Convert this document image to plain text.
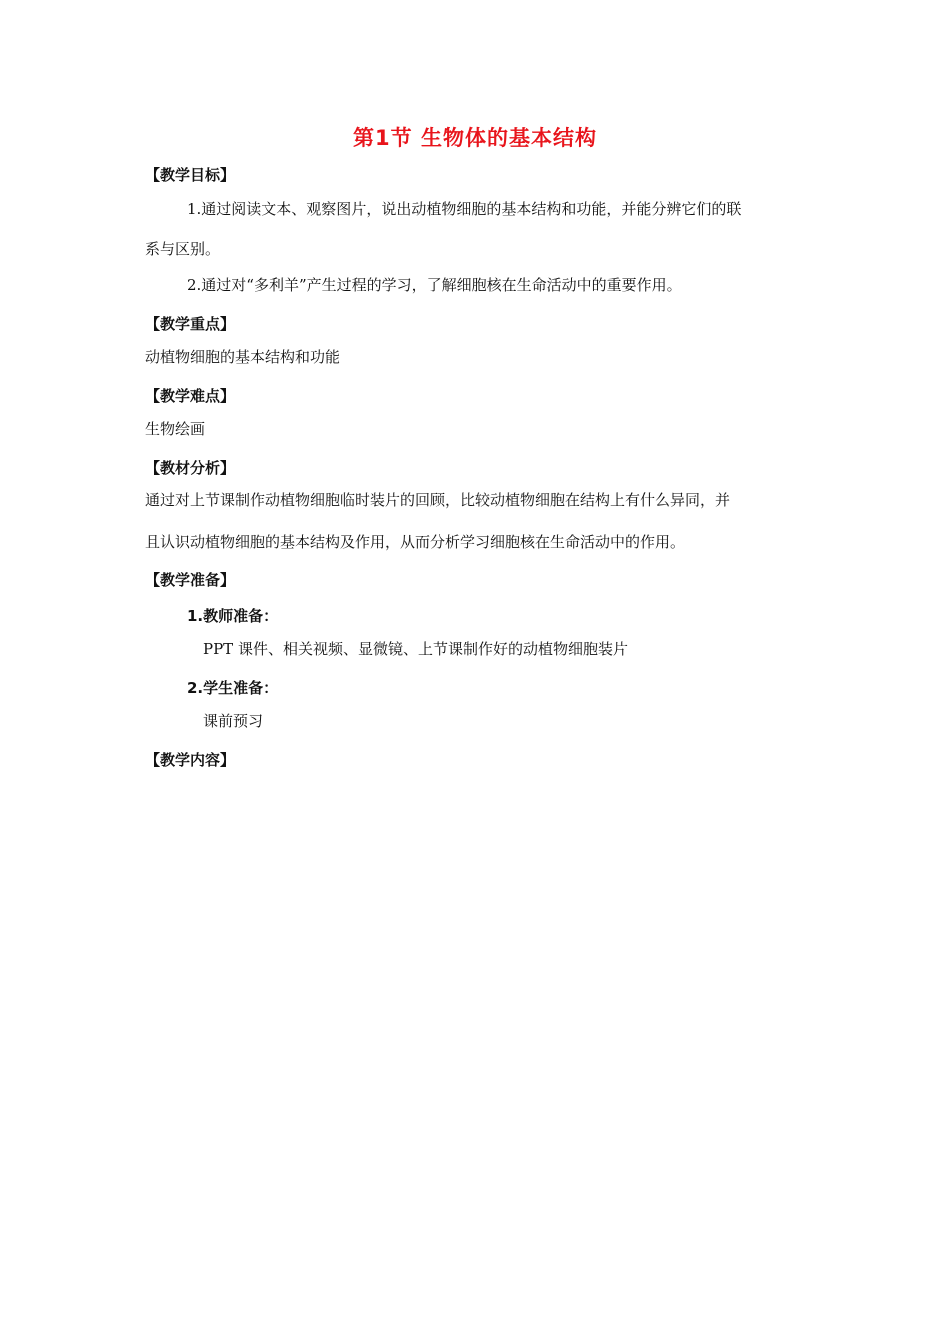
第1节 生物体的基本结构
【教学目标】
1.通过阅读文本、观察图片，说出动植物细胞的基本结构和功能，并能分辨它们的联
系与区别。
2.通过对“多利羊”产生过程的学习，了解细胞核在生命活动中的重要作用。
【教学重点】
动植物细胞的基本结构和功能
【教学难点】
生物绘画
【教材分析】
通过对上节课制作动植物细胞临时装片的回顾，比较动植物细胞在结构上有什么异同，并
且认识动植物细胞的基本结构及作用，从而分析学习细胞核在生命活动中的作用。
【教学准备】
1.教师准备：
PPT 课件、相关视频、显微镜、上节课制作好的动植物细胞装片
2.学生准备：
课前预习
【教学内容】
